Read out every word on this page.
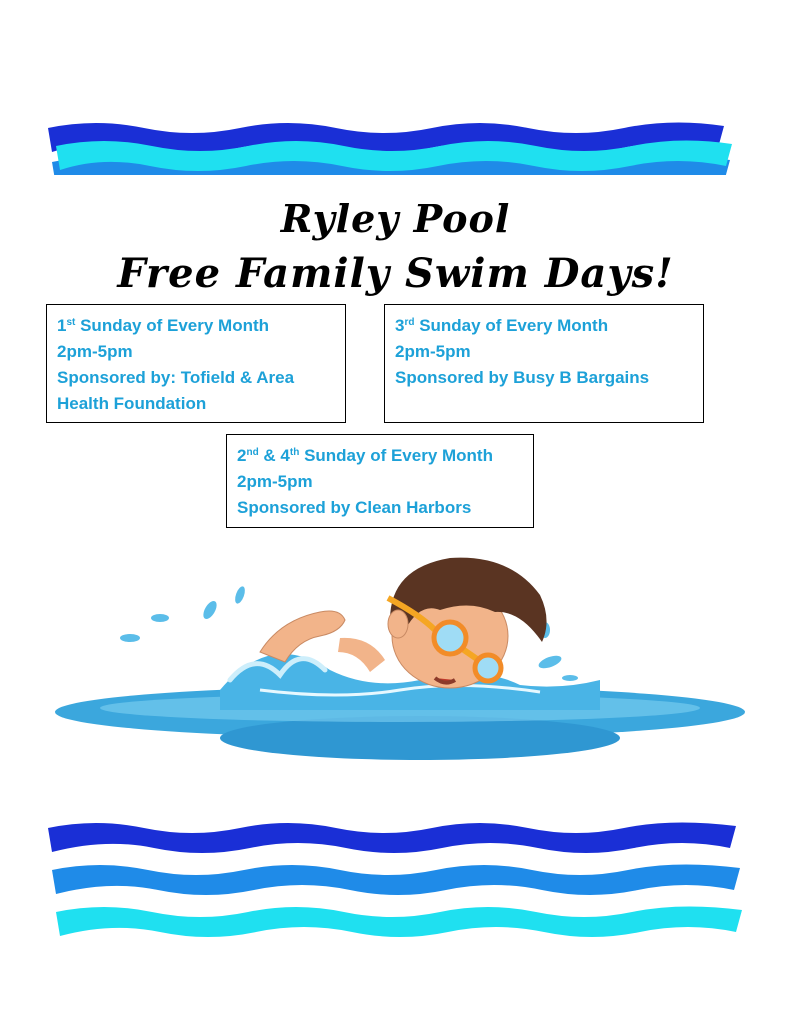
Ryley Pool
Free Family Swim Days!
1st Sunday of Every Month
2pm-5pm
Sponsored by: Tofield & Area Health Foundation
3rd Sunday of Every Month
2pm-5pm
Sponsored by Busy B Bargains
2nd & 4th Sunday of Every Month
2pm-5pm
Sponsored by Clean Harbors
